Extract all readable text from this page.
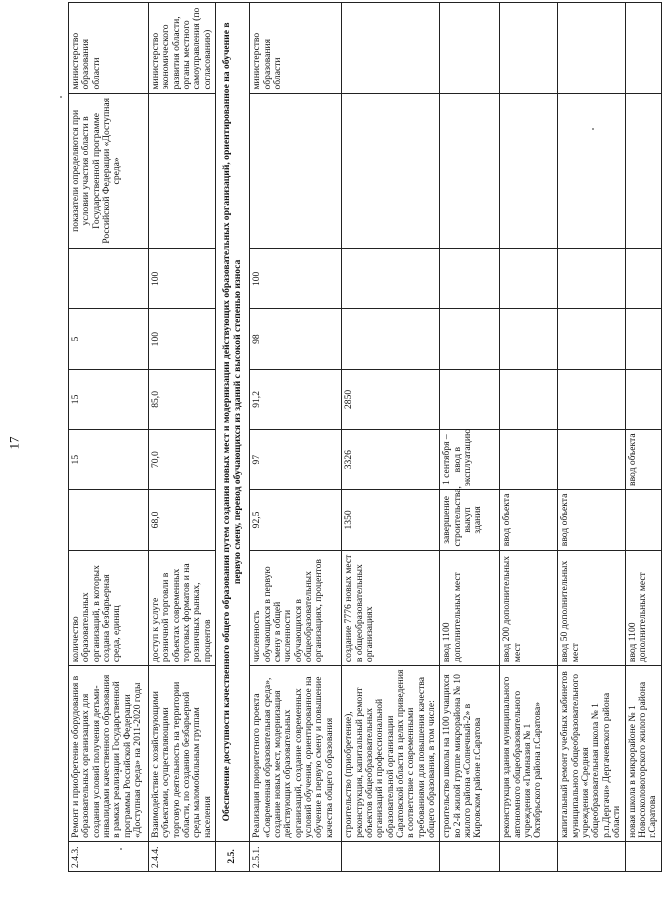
17
2.4.3.	Ремонт и приобретение оборудования в образовательных организациях для создания условий получения детьми-инвалидами качественного образования в рамках реализации Государственной программы Российской Федерации «Доступная среда» на 2011-2020 годы	количество образовательных организаций, в которых создана безбарьерная среда, единиц		15	15	5		показатели определяются при условии участия области в Государственной программе Российской Федерации «Доступная среда»	министерство образования области
2.4.4.	Взаимодействие с хозяйствующими субъектами, осуществляющими торговую деятельность на территории области, по созданию безбарьерной среды маломобильным группам населения	доступ к услуге розничной торговли в объектах современных торговых форматов и на розничных рынках, процентов	68,0	70,0	85,0	100	100		министерство экономического развития области, органы местного самоуправления (по согласованию)
2.5.	Обеспечение доступности качественного общего образования путем создания новых мест и модернизации действующих образовательных организаций, ориентированное на обучение в первую смену, перевод обучающихся из зданий с высокой степенью износа								
2.5.1.	Реализация приоритетного проекта «Современная образовательная среда», создание новых мест, модернизация действующих образовательных организаций, создание современных условий обучения, ориентированное на обучение в первую смену и повышение качества общего образования	численность обучающихся в первую смену в общей численности обучающихся в общеобразовательных организациях, процентов	92,5	97	91,2	98	100		министерство образования области
	строительство (приобретение), реконструкция, капитальный ремонт объектов общеобразовательных организаций и профессиональной образовательной организации Саратовской области в целях приведения в соответствие с современными требованиями для повышения качества общего образования, в том числе:	создание 7776 новых мест в общеобразовательных организациях	1350	3326	2850				
	строительство школы на 1100 учащихся во 2-й жилой группе микрорайона № 10 жилого района «Солнечный-2» в Кировском районе г.Саратова	ввод 1100 дополнительных мест	завершение строительства, выкуп здания	1 сентября – ввод в эксплуатацию					
	реконструкция здания муниципального автономного общеобразовательного учреждения «Гимназия № 1 Октябрьского района г.Саратова»	ввод 200 дополнительных мест	ввод объекта						
	капитальный ремонт учебных кабинетов муниципального общеобразовательного учреждения «Средняя общеобразовательная школа № 1 р.п.Дергачи» Дергачевского района области	ввод 50 дополнительных мест	ввод объекта						
	новая школа в микрорайоне № 1 Новосоколовогорского жилого района г.Саратова	ввод 1100 дополнительных мест		ввод объекта					
